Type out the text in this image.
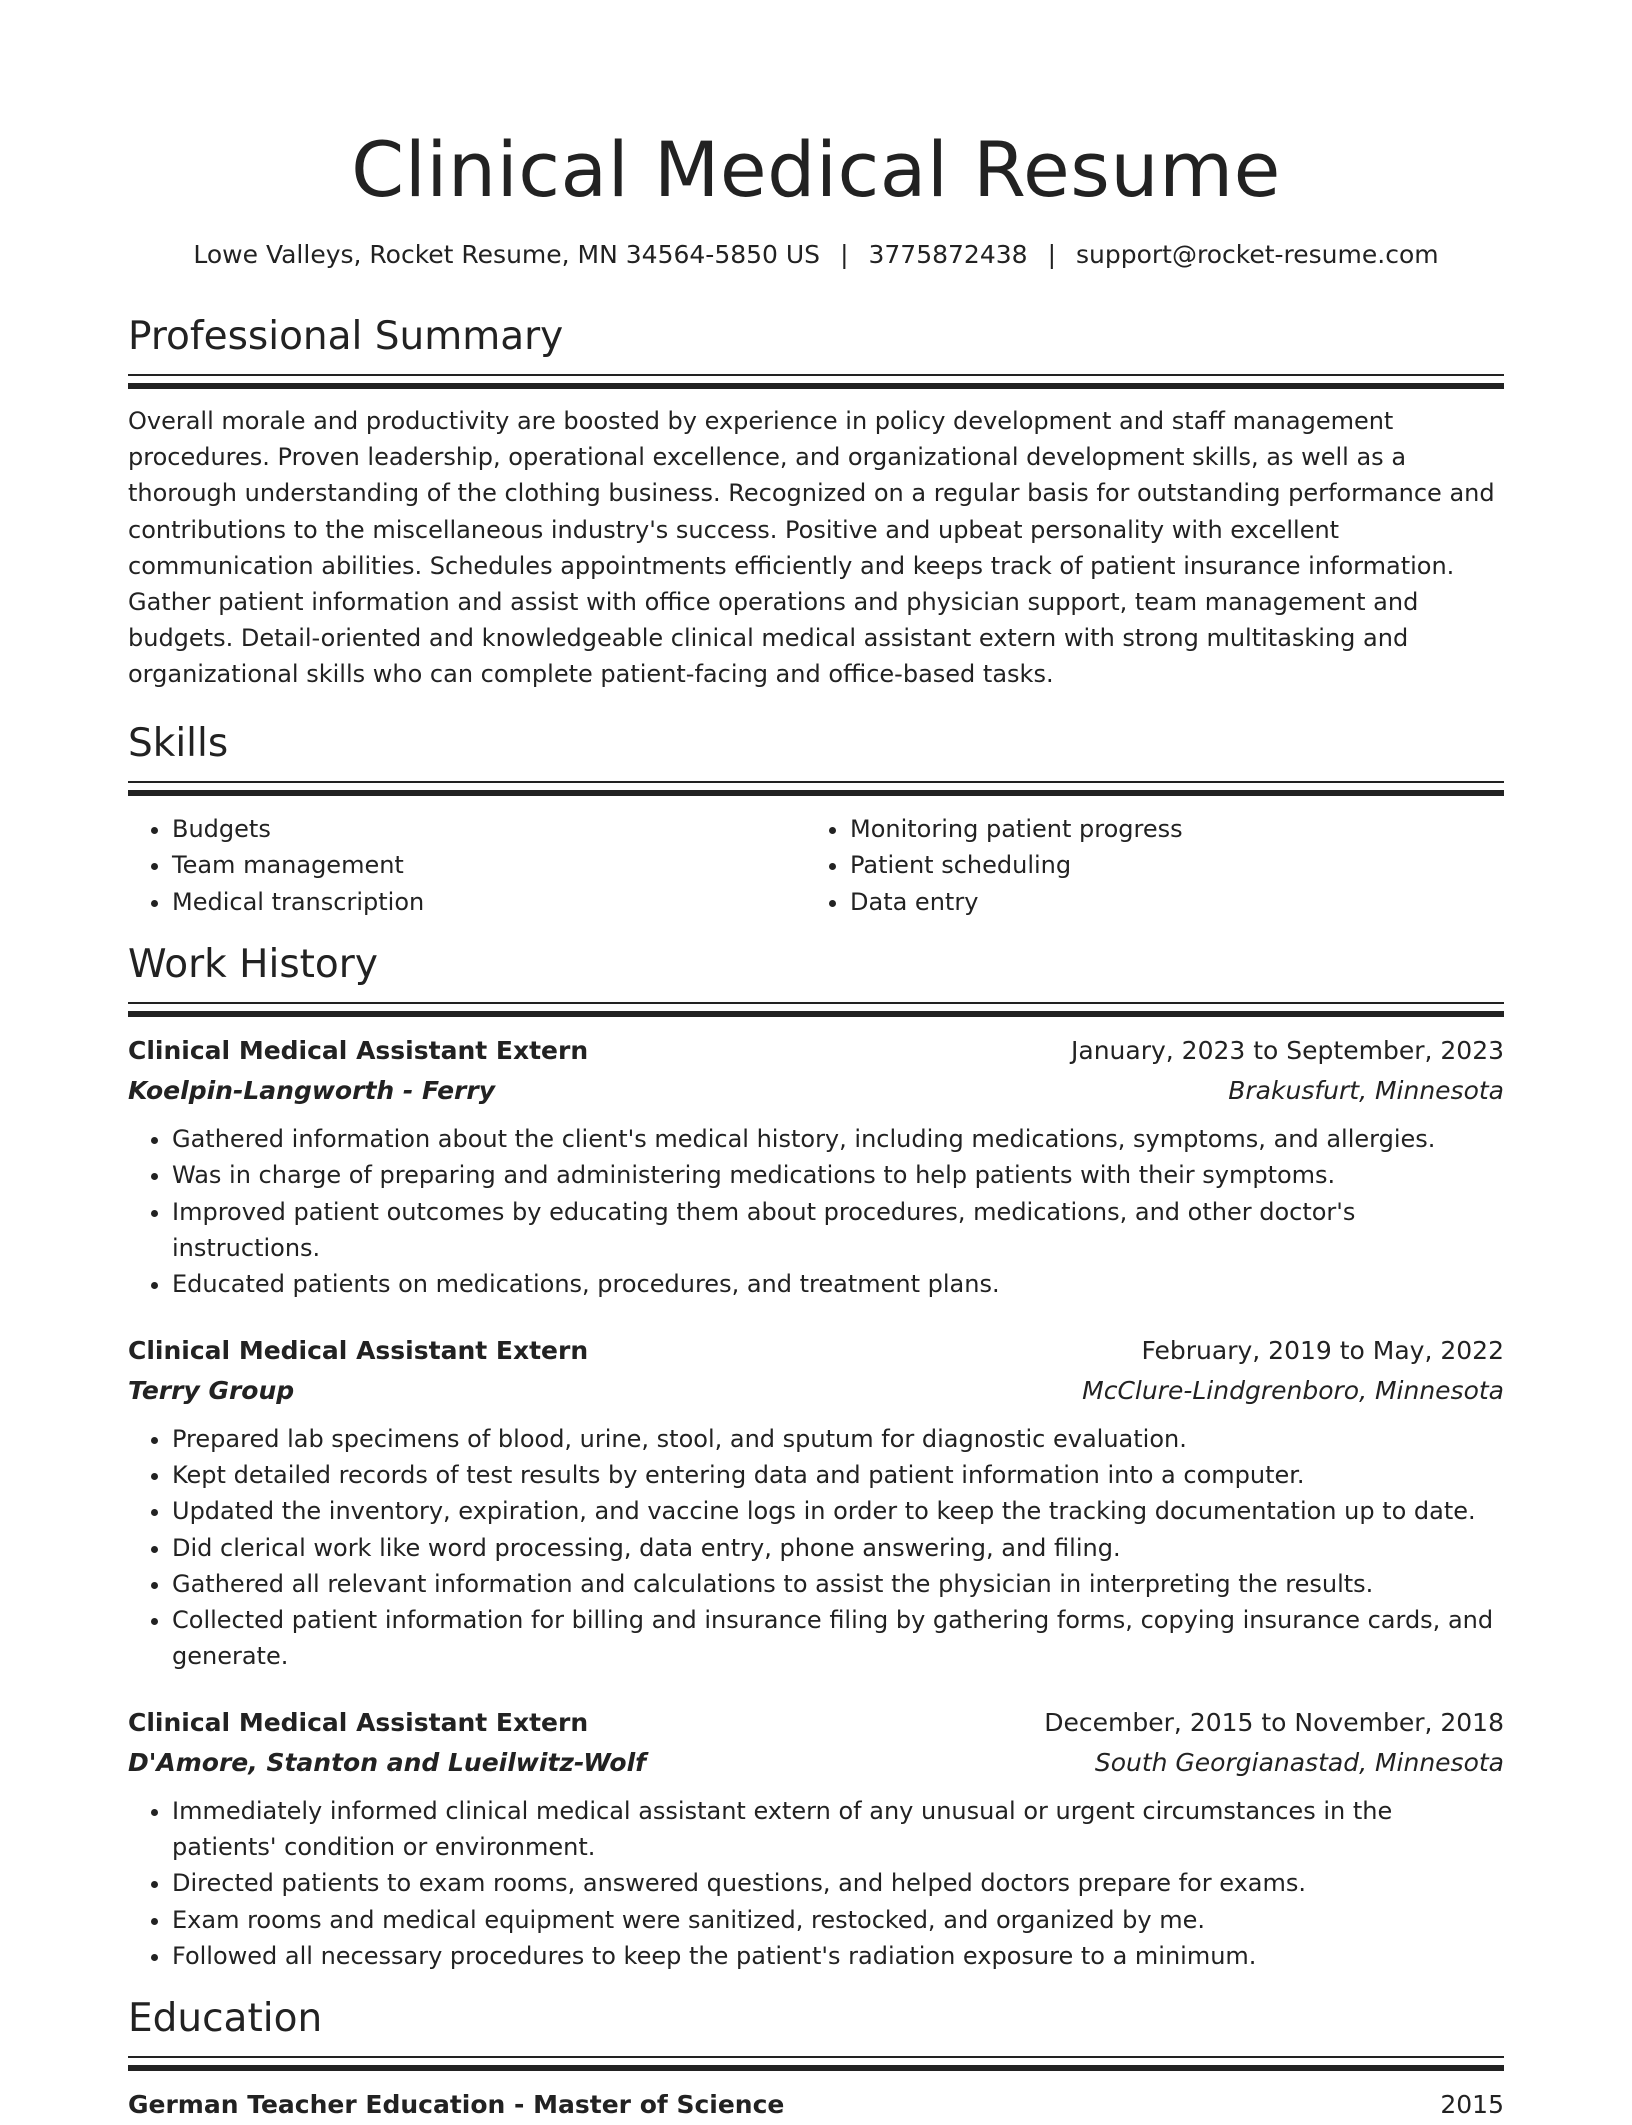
Clinical Medical Resume
Lowe Valleys, Rocket Resume, MN 34564-5850 US | 3775872438 | support@rocket-resume.com
Professional Summary

Overall morale and productivity are boosted by experience in policy development and staff management procedures. Proven leadership, operational excellence, and organizational development skills, as well as a thorough understanding of the clothing business. Recognized on a regular basis for outstanding performance and contributions to the miscellaneous industry's success. Positive and upbeat personality with excellent communication abilities. Schedules appointments efficiently and keeps track of patient insurance information. Gather patient information and assist with office operations and physician support, team management and budgets. Detail-oriented and knowledgeable clinical medical assistant extern with strong multitasking and organizational skills who can complete patient-facing and office-based tasks.

Skills
• Budgets
• Team management
• Medical transcription
• Monitoring patient progress
• Patient scheduling
• Data entry
Work History
Clinical Medical Assistant Extern	January, 2023 to September, 2023
Koelpin-Langworth - Ferry	Brakusfurt, Minnesota
• Gathered information about the client's medical history, including medications, symptoms, and allergies.
• Was in charge of preparing and administering medications to help patients with their symptoms.
• Improved patient outcomes by educating them about procedures, medications, and other doctor's instructions.
• Educated patients on medications, procedures, and treatment plans.
Clinical Medical Assistant Extern	February, 2019 to May, 2022
Terry Group	McClure-Lindgrenboro, Minnesota
• Prepared lab specimens of blood, urine, stool, and sputum for diagnostic evaluation.
• Kept detailed records of test results by entering data and patient information into a computer.
• Updated the inventory, expiration, and vaccine logs in order to keep the tracking documentation up to date.
• Did clerical work like word processing, data entry, phone answering, and filing.
• Gathered all relevant information and calculations to assist the physician in interpreting the results.
• Collected patient information for billing and insurance filing by gathering forms, copying insurance cards, and generate.
Clinical Medical Assistant Extern	December, 2015 to November, 2018
D'Amore, Stanton and Lueilwitz-Wolf	South Georgianastad, Minnesota
• Immediately informed clinical medical assistant extern of any unusual or urgent circumstances in the patients' condition or environment.
• Directed patients to exam rooms, answered questions, and helped doctors prepare for exams.
• Exam rooms and medical equipment were sanitized, restocked, and organized by me.
• Followed all necessary procedures to keep the patient's radiation exposure to a minimum.
Education
German Teacher Education - Master of Science	2015
